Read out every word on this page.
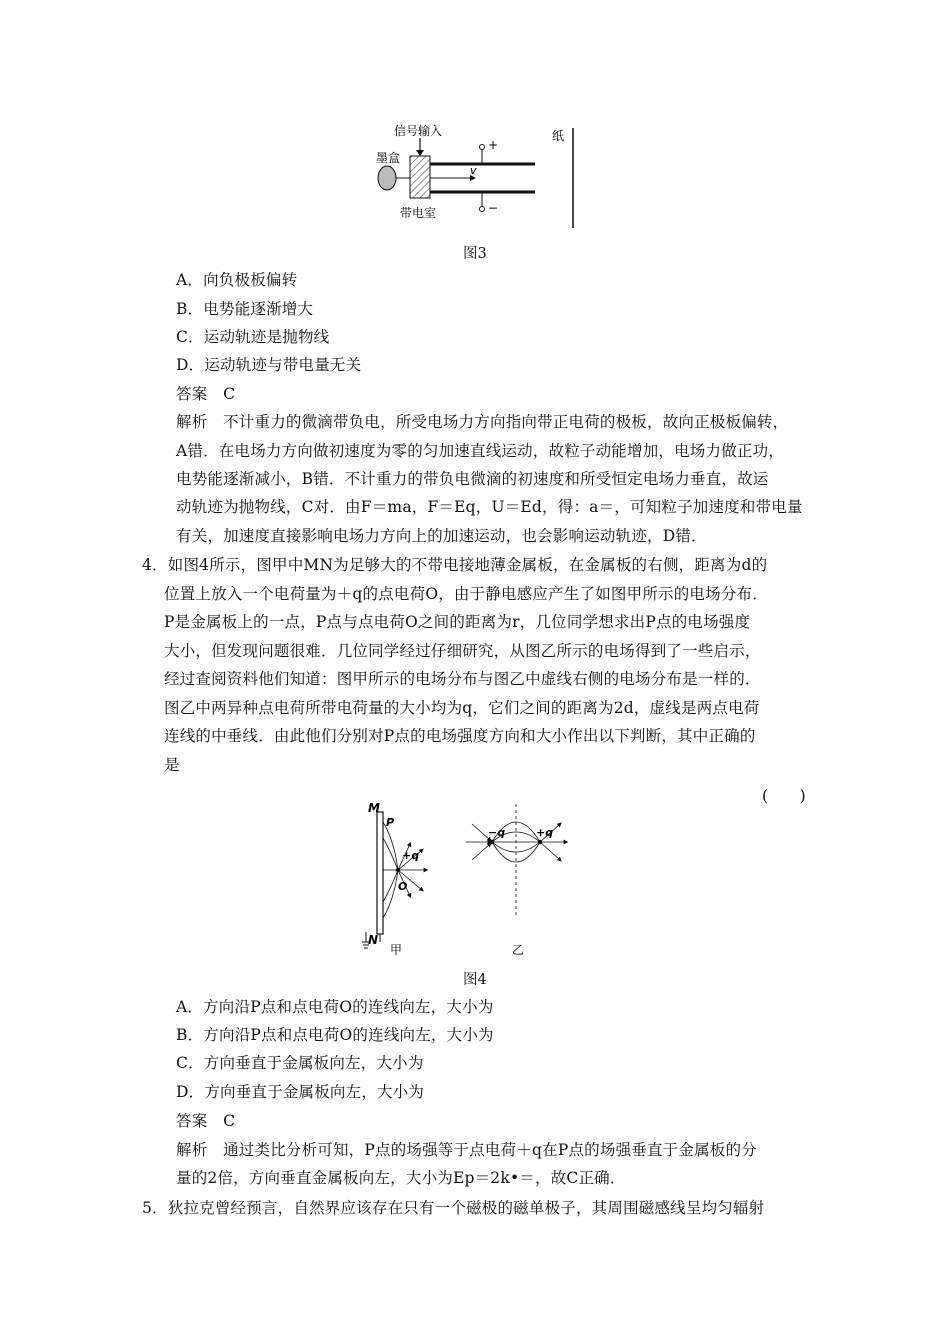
信号输入
墨盒
v
+
−
带电室
纸
图3
A．向负极板偏转
B．电势能逐渐增大
C．运动轨迹是抛物线
D．运动轨迹与带电量无关
答案　C
解析　不计重力的微滴带负电，所受电场力方向指向带正电荷的极板，故向正极板偏转，
A错．在电场力方向做初速度为零的匀加速直线运动，故粒子动能增加，电场力做正功，
电势能逐渐减小，B错．不计重力的带负电微滴的初速度和所受恒定电场力垂直，故运
动轨迹为抛物线，C对．由F＝ma，F＝Eq，U＝Ed，得：a＝，可知粒子加速度和带电量
有关，加速度直接影响电场力方向上的加速运动，也会影响运动轨迹，D错．
4．如图4所示，图甲中MN为足够大的不带电接地薄金属板，在金属板的右侧，距离为d的
位置上放入一个电荷量为＋q的点电荷O，由于静电感应产生了如图甲所示的电场分布．
P是金属板上的一点，P点与点电荷O之间的距离为r，几位同学想求出P点的电场强度
大小，但发现问题很难．几位同学经过仔细研究，从图乙所示的电场得到了一些启示，
经过查阅资料他们知道：图甲所示的电场分布与图乙中虚线右侧的电场分布是一样的．
图乙中两异种点电荷所带电荷量的大小均为q，它们之间的距离为2d，虚线是两点电荷
连线的中垂线．由此他们分别对P点的电场强度方向和大小作出以下判断，其中正确的
是
(　　)
M
P
N
+q
O
甲
−q	+q
乙
图4
A．方向沿P点和点电荷O的连线向左，大小为
B．方向沿P点和点电荷O的连线向左，大小为
C．方向垂直于金属板向左，大小为
D．方向垂直于金属板向左，大小为
答案　C
解析　通过类比分析可知，P点的场强等于点电荷＋q在P点的场强垂直于金属板的分
量的2倍，方向垂直金属板向左，大小为Ep＝2k•＝，故C正确．
5．狄拉克曾经预言，自然界应该存在只有一个磁极的磁单极子，其周围磁感线呈均匀辐射
